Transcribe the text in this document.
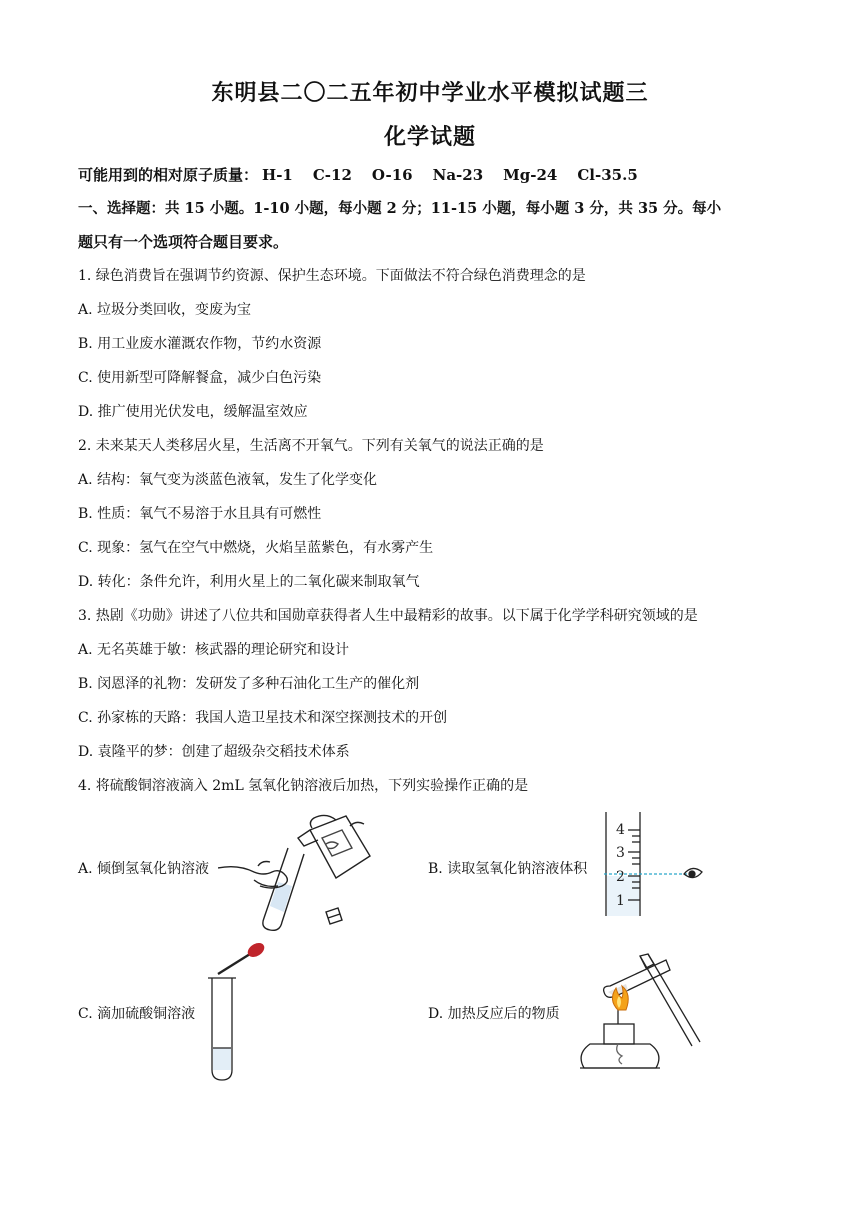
东明县二〇二五年初中学业水平模拟试题三
化学试题
可能用到的相对原子质量： H-1 C-12 O-16 Na-23 Mg-24 Cl-35.5
一、选择题：共 15 小题。1-10 小题，每小题 2 分；11-15 小题，每小题 3 分，共 35 分。每小
题只有一个选项符合题目要求。
1. 绿色消费旨在强调节约资源、保护生态环境。下面做法不符合绿色消费理念的是
A. 垃圾分类回收，变废为宝
B. 用工业废水灌溉农作物，节约水资源
C. 使用新型可降解餐盒，减少白色污染
D. 推广使用光伏发电，缓解温室效应
2. 未来某天人类移居火星，生活离不开氧气。下列有关氧气的说法正确的是
A. 结构：氧气变为淡蓝色液氧，发生了化学变化
B. 性质：氧气不易溶于水且具有可燃性
C. 现象：氢气在空气中燃烧，火焰呈蓝紫色，有水雾产生
D. 转化：条件允许，利用火星上的二氧化碳来制取氧气
3. 热剧《功勋》讲述了八位共和国勋章获得者人生中最精彩的故事。以下属于化学学科研究领域的是
A. 无名英雄于敏：核武器的理论研究和设计
B. 闵恩泽的礼物：发研发了多种石油化工生产的催化剂
C. 孙家栋的天路：我国人造卫星技术和深空探测技术的开创
D. 袁隆平的梦：创建了超级杂交稻技术体系
4. 将硫酸铜溶液滴入 2mL 氢氧化钠溶液后加热，下列实验操作正确的是
A. 倾倒氢氧化钠溶液	B. 读取氢氧化钠溶液体积
4
3
2
1
C. 滴加硫酸铜溶液	D. 加热反应后的物质
